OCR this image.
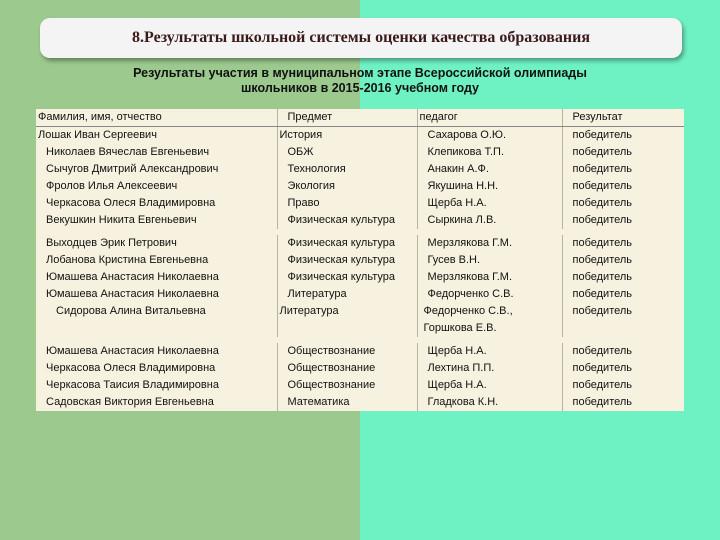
8.Результаты школьной системы оценки качества образования
Результаты участия в муниципальном этапе Всероссийской олимпиады
школьников в 2015-2016 учебном году
Фамилия, имя, отчество	Предмет	педагог	Результат
Лошак Иван Сергеевич	История	Сахарова О.Ю.	победитель
Николаев Вячеслав Евгеньевич	ОБЖ	Клепикова Т.П.	победитель
Сычугов Дмитрий Александрович	Технология	Анакин А.Ф.	победитель
Фролов Илья Алексеевич	Экология	Якушина Н.Н.	победитель
Черкасова Олеся Владимировна	Право	Щерба Н.А.	победитель
Векушкин Никита Евгеньевич	Физическая культура	Сыркина Л.В.	победитель
Выходцев Эрик Петрович	Физическая культура	Мерзлякова Г.М.	победитель
Лобанова Кристина Евгеньевна	Физическая культура	Гусев В.Н.	победитель
Юмашева Анастасия Николаевна	Физическая культура	Мерзлякова Г.М.	победитель
Юмашева Анастасия Николаевна	Литература	Федорченко С.В.	победитель
Сидорова Алина Витальевна	Литература	Федорченко С.В., Горшкова Е.В.	победитель
Юмашева Анастасия Николаевна	Обществознание	Щерба Н.А.	победитель
Черкасова Олеся Владимировна	Обществознание	Лехтина П.П.	победитель
Черкасова Таисия Владимировна	Обществознание	Щерба Н.А.	победитель
Садовская Виктория Евгеньевна	Математика	Гладкова К.Н.	победитель
